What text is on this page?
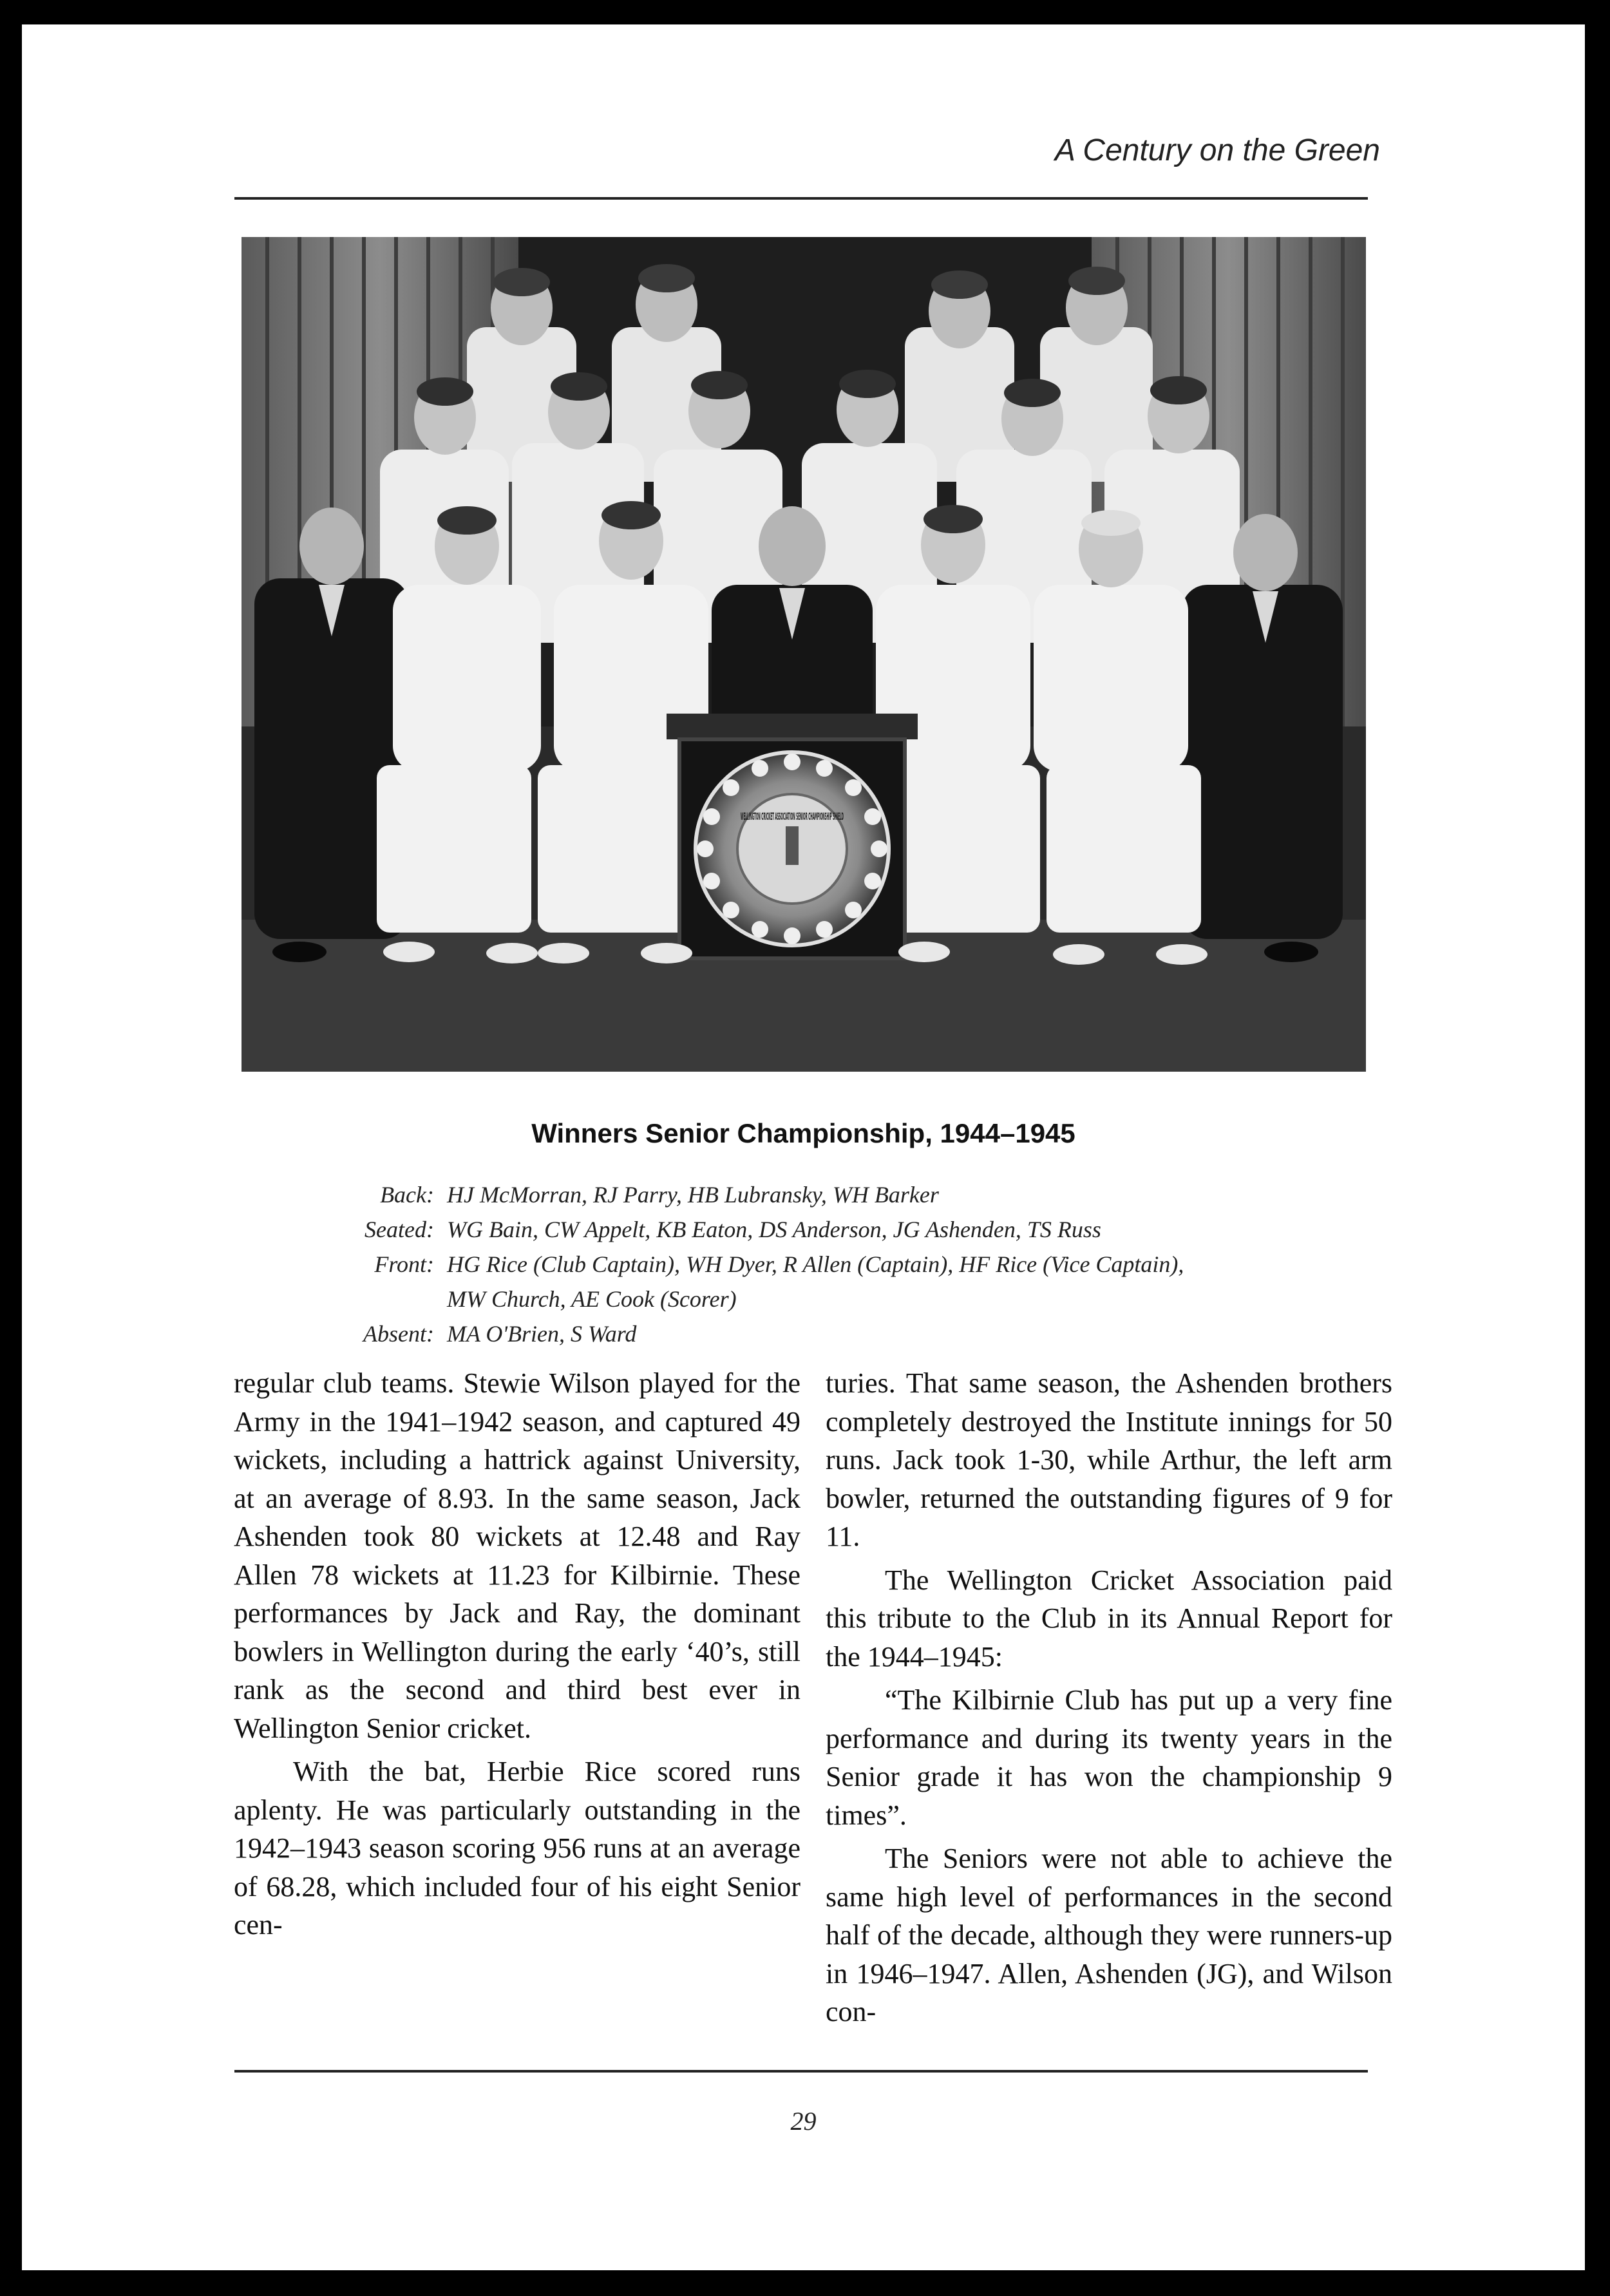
A Century on the Green
WELLINGTON CRICKET ASSOCIATION SENIOR CHAMPIONSHIP SHIELD
Winners Senior Championship, 1944–1945
Back: HJ McMorran, RJ Parry, HB Lubransky, WH Barker
Seated: WG Bain, CW Appelt, KB Eaton, DS Anderson, JG Ashenden, TS Russ
Front: HG Rice (Club Captain), WH Dyer, R Allen (Captain), HF Rice (Vice Captain),
MW Church, AE Cook (Scorer)
Absent: MA O'Brien, S Ward

regular club teams. Stewie Wilson played for the Army in the 1941–1942 season, and captured 49 wickets, including a hattrick against University, at an average of 8.93. In the same season, Jack Ashenden took 80 wickets at 12.48 and Ray Allen 78 wickets at 11.23 for Kilbirnie. These performances by Jack and Ray, the dominant bowlers in Wellington during the early ‘40’s, still rank as the second and third best ever in Wellington Senior cricket.

With the bat, Herbie Rice scored runs aplenty. He was particularly outstanding in the 1942–1943 season scoring 956 runs at an average of 68.28, which included four of his eight Senior cen-

turies. That same season, the Ashenden brothers completely destroyed the Institute innings for 50 runs. Jack took 1-30, while Arthur, the left arm bowler, returned the outstanding figures of 9 for 11.

The Wellington Cricket Association paid this tribute to the Club in its Annual Report for the 1944–1945:

“The Kilbirnie Club has put up a very fine performance and during its twenty years in the Senior grade it has won the championship 9 times”.

The Seniors were not able to achieve the same high level of performances in the second half of the decade, although they were runners-up in 1946–1947. Allen, Ashenden (JG), and Wilson con-

29
